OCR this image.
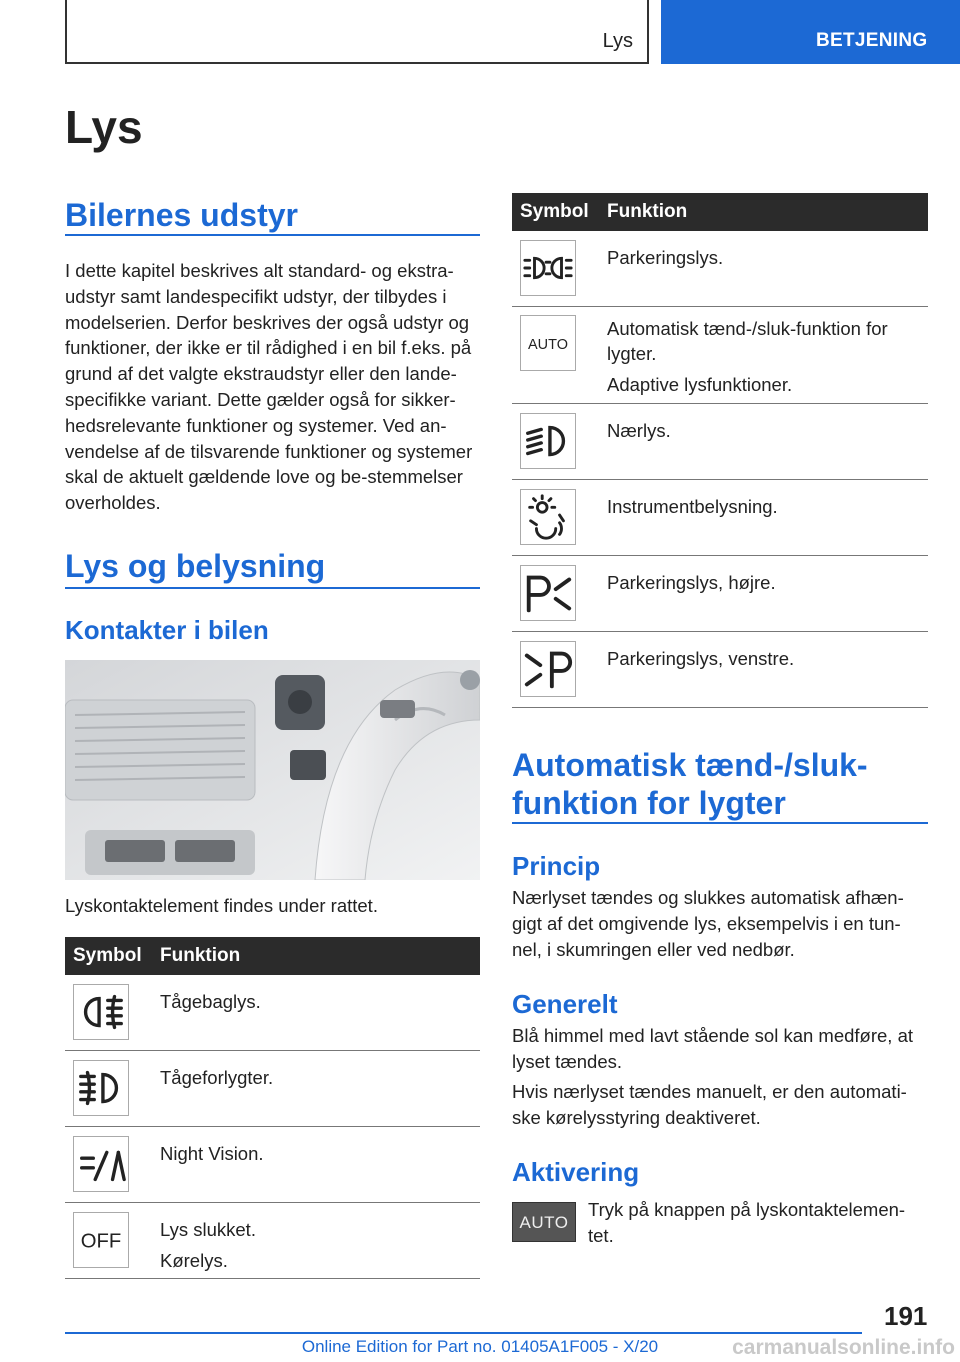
Lys	BETJENING
Lys
Bilernes udstyr
I dette kapitel beskrives alt standard- og ekstra-udstyr samt landespecifikt udstyr, der tilbydes i modelserien. Derfor beskrives der også udstyr og funktioner, der ikke er til rådighed i en bil f.eks. på grund af det valgte ekstraudstyr eller den lande-specifikke variant. Dette gælder også for sikker-hedsrelevante funktioner og systemer. Ved an-vendelse af de tilsvarende funktioner og systemer skal de aktuelt gældende love og be-stemmelser overholdes.
Lys og belysning
Kontakter i bilen
Lyskontaktelement findes under rattet.
Symbol Funktion

Tågebaglys.

Tågeforlygter.

Night Vision.

OFF

Lys slukket.

Kørelys.

Symbol Funktion

Parkeringslys.

AUTO

Automatisk tænd-/sluk-funktion for lygter.

Adaptive lysfunktioner.

Nærlys.

Instrumentbelysning.

Parkeringslys, højre.

Parkeringslys, venstre.

Automatisk tænd-/sluk-
funktion for lygter
Princip
Nærlyset tændes og slukkes automatisk afhæn-gigt af det omgivende lys, eksempelvis i en tun-nel, i skumringen eller ved nedbør.
Generelt
Blå himmel med lavt stående sol kan medføre, at lyset tændes.
Hvis nærlyset tændes manuelt, er den automati-ske kørelysstyring deaktiveret.
Aktivering
AUTO
Tryk på knappen på lyskontaktelemen-tet.
191
Online Edition for Part no. 01405A1F005 - X/20	carmanualsonline.info
